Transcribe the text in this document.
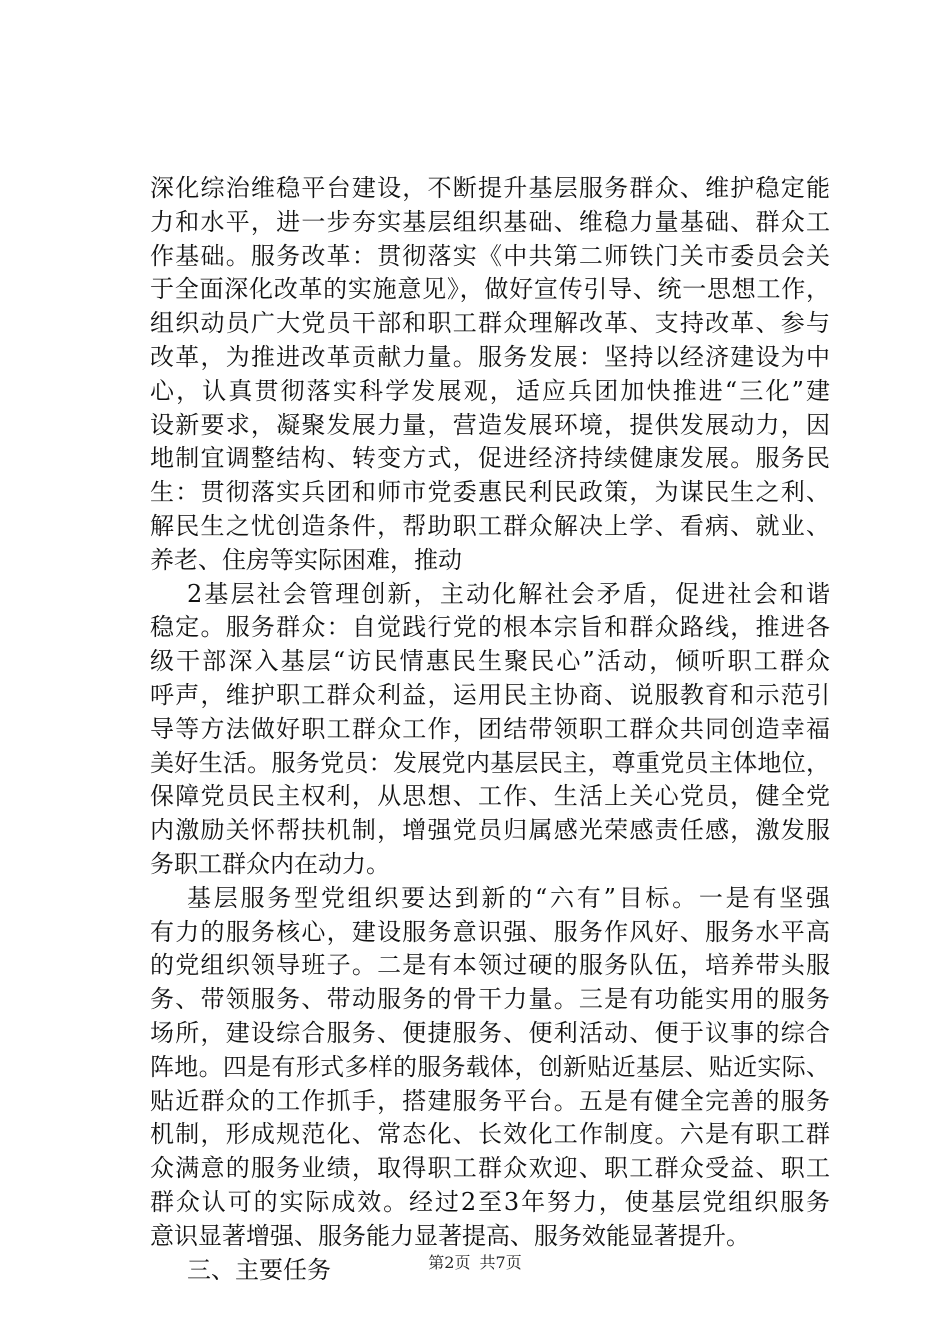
深化综治维稳平台建设，不断提升基层服务群众、维护稳定能
力和水平，进一步夯实基层组织基础、维稳力量基础、群众工
作基础。服务改革：贯彻落实《中共第二师铁门关市委员会关
于全面深化改革的实施意见》，做好宣传引导、统一思想工作，
组织动员广大党员干部和职工群众理解改革、支持改革、参与
改革，为推进改革贡献力量。服务发展：坚持以经济建设为中
心，认真贯彻落实科学发展观，适应兵团加快推进“三化”建
设新要求，凝聚发展力量，营造发展环境，提供发展动力，因
地制宜调整结构、转变方式，促进经济持续健康发展。服务民
生：贯彻落实兵团和师市党委惠民利民政策，为谋民生之利、
解民生之忧创造条件，帮助职工群众解决上学、看病、就业、
养老、住房等实际困难，推动
2基层社会管理创新，主动化解社会矛盾，促进社会和谐
稳定。服务群众：自觉践行党的根本宗旨和群众路线，推进各
级干部深入基层“访民情惠民生聚民心”活动，倾听职工群众
呼声，维护职工群众利益，运用民主协商、说服教育和示范引
导等方法做好职工群众工作，团结带领职工群众共同创造幸福
美好生活。服务党员：发展党内基层民主，尊重党员主体地位，
保障党员民主权利，从思想、工作、生活上关心党员，健全党
内激励关怀帮扶机制，增强党员归属感光荣感责任感，激发服
务职工群众内在动力。
基层服务型党组织要达到新的“六有”目标。一是有坚强
有力的服务核心，建设服务意识强、服务作风好、服务水平高
的党组织领导班子。二是有本领过硬的服务队伍，培养带头服
务、带领服务、带动服务的骨干力量。三是有功能实用的服务
场所，建设综合服务、便捷服务、便利活动、便于议事的综合
阵地。四是有形式多样的服务载体，创新贴近基层、贴近实际、
贴近群众的工作抓手，搭建服务平台。五是有健全完善的服务
机制，形成规范化、常态化、长效化工作制度。六是有职工群
众满意的服务业绩，取得职工群众欢迎、职工群众受益、职工
群众认可的实际成效。经过2至3年努力，使基层党组织服务
意识显著增强、服务能力显著提高、服务效能显著提升。
三、主要任务	第2页 共7页
